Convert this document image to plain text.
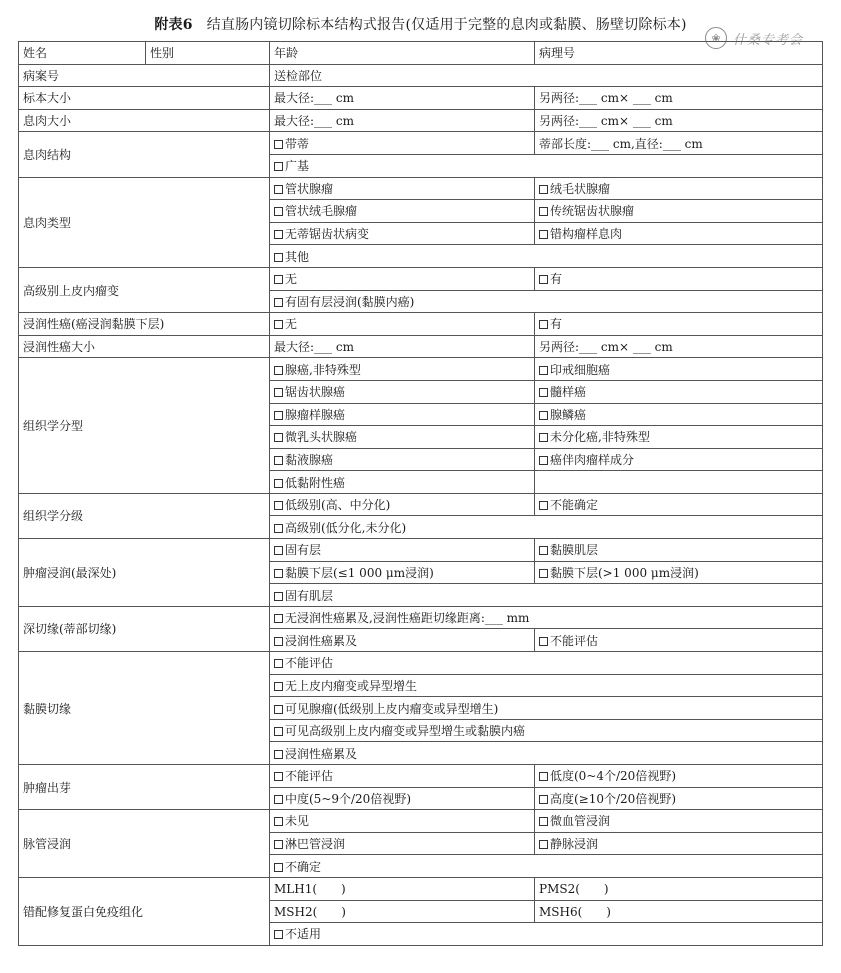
附表6 结直肠内镜切除标本结构式报告(仅适用于完整的息肉或黏膜、肠壁切除标本)
❀ 什桑专考会
姓名	性别	年龄	病理号
病案号		送检部位	
标本大小		最大径:___ cm	另两径:___ cm× ___ cm
息肉大小		最大径:___ cm	另两径:___ cm× ___ cm
息肉结构		带蒂	蒂部长度:___ cm,直径:___ cm
		广基	
息肉类型		管状腺瘤	绒毛状腺瘤
		管状绒毛腺瘤	传统锯齿状腺瘤
		无蒂锯齿状病变	错构瘤样息肉
		其他	
高级别上皮内瘤变		无	有
		有固有层浸润(黏膜内癌)	
浸润性癌(癌浸润黏膜下层)		无	有
浸润性癌大小		最大径:___ cm	另两径:___ cm× ___ cm
组织学分型		腺癌,非特殊型	印戒细胞癌
		锯齿状腺癌	髓样癌
		腺瘤样腺癌	腺鳞癌
		微乳头状腺癌	未分化癌,非特殊型
		黏液腺癌	癌伴肉瘤样成分
		低黏附性癌	
组织学分级		低级别(高、中分化)	不能确定
		高级别(低分化,未分化)	
肿瘤浸润(最深处)		固有层	黏膜肌层
		黏膜下层(≤1 000 μm浸润)	黏膜下层(>1 000 μm浸润)
		固有肌层	
深切缘(蒂部切缘)		无浸润性癌累及,浸润性癌距切缘距离:___ mm	
		浸润性癌累及	不能评估
黏膜切缘		不能评估	
		无上皮内瘤变或异型增生	
		可见腺瘤(低级别上皮内瘤变或异型增生)	
		可见高级别上皮内瘤变或异型增生或黏膜内癌	
		浸润性癌累及	
肿瘤出芽		不能评估	低度(0~4个/20倍视野)
		中度(5~9个/20倍视野)	高度(≥10个/20倍视野)
脉管浸润		未见	微血管浸润
		淋巴管浸润	静脉浸润
		不确定	
错配修复蛋白免疫组化		MLH1(　　)	PMS2(　　)
		MSH2(　　)	MSH6(　　)
		不适用	
